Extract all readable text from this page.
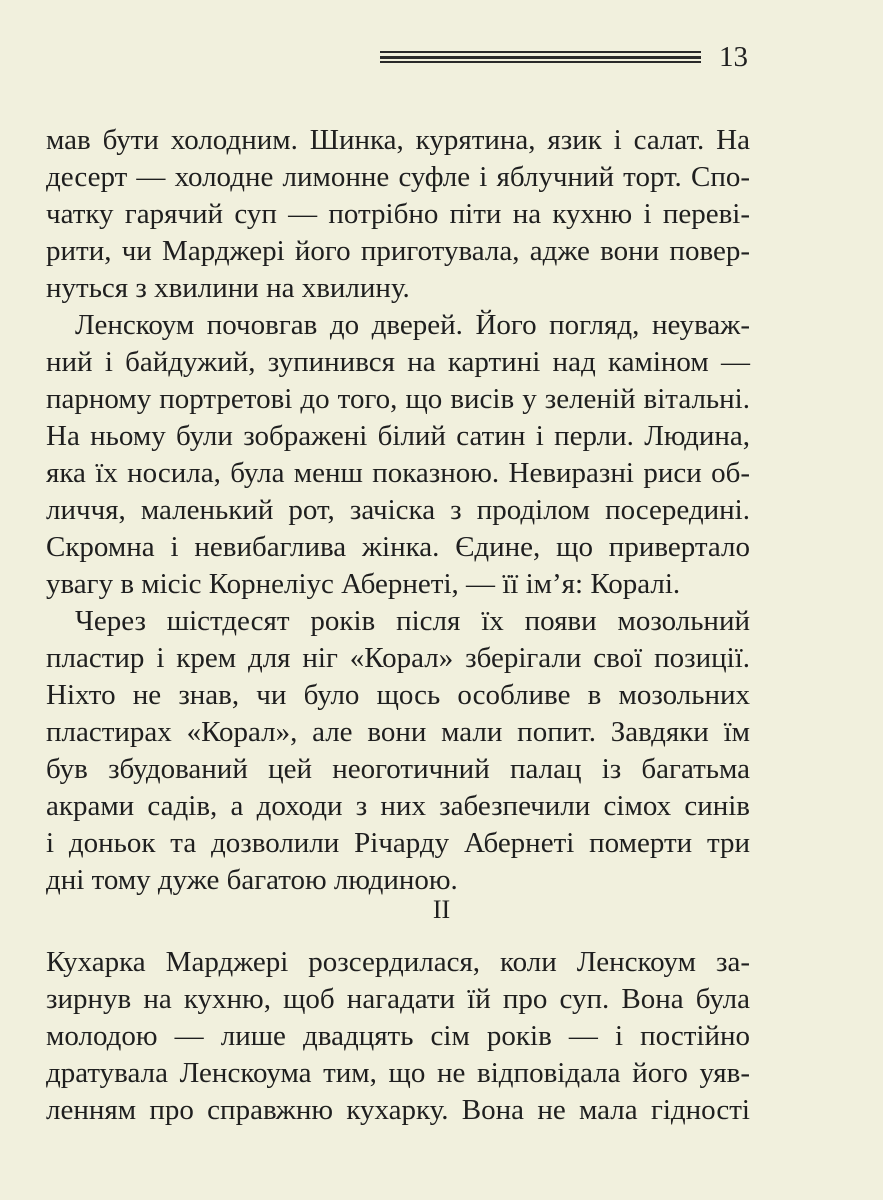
13
мав бути холодним. Шинка, курятина, язик і салат. На
десерт — холодне лимонне суфле і яблучний торт. Спо-
чатку гарячий суп — потрібно піти на кухню і переві-
рити, чи Марджері його приготувала, адже вони повер-
нуться з хвилини на хвилину.
Ленскоум почовгав до дверей. Його погляд, неуваж-
ний і байдужий, зупинився на картині над каміном —
парному портретові до того, що висів у зеленій вітальні.
На ньому були зображені білий сатин і перли. Людина,
яка їх носила, була менш показною. Невиразні риси об-
личчя, маленький рот, зачіска з проділом посередині.
Скромна і невибаглива жінка. Єдине, що привертало
увагу в місіс Корнеліус Абернеті, — її ім’я: Коралі.
Через шістдесят років після їх появи мозольний
пластир і крем для ніг «Корал» зберігали свої позиції.
Ніхто не знав, чи було щось особливе в мозольних
пластирах «Корал», але вони мали попит. Завдяки їм
був збудований цей неоготичний палац із багатьма
акрами садів, а доходи з них забезпечили сімох синів
і доньок та дозволили Річарду Абернеті померти три
дні тому дуже багатою людиною.
II
Кухарка Марджері розсердилася, коли Ленскоум за-
зирнув на кухню, щоб нагадати їй про суп. Вона була
молодою — лише двадцять сім років — і постійно
дратувала Ленскоума тим, що не відповідала його уяв-
ленням про справжню кухарку. Вона не мала гідності
